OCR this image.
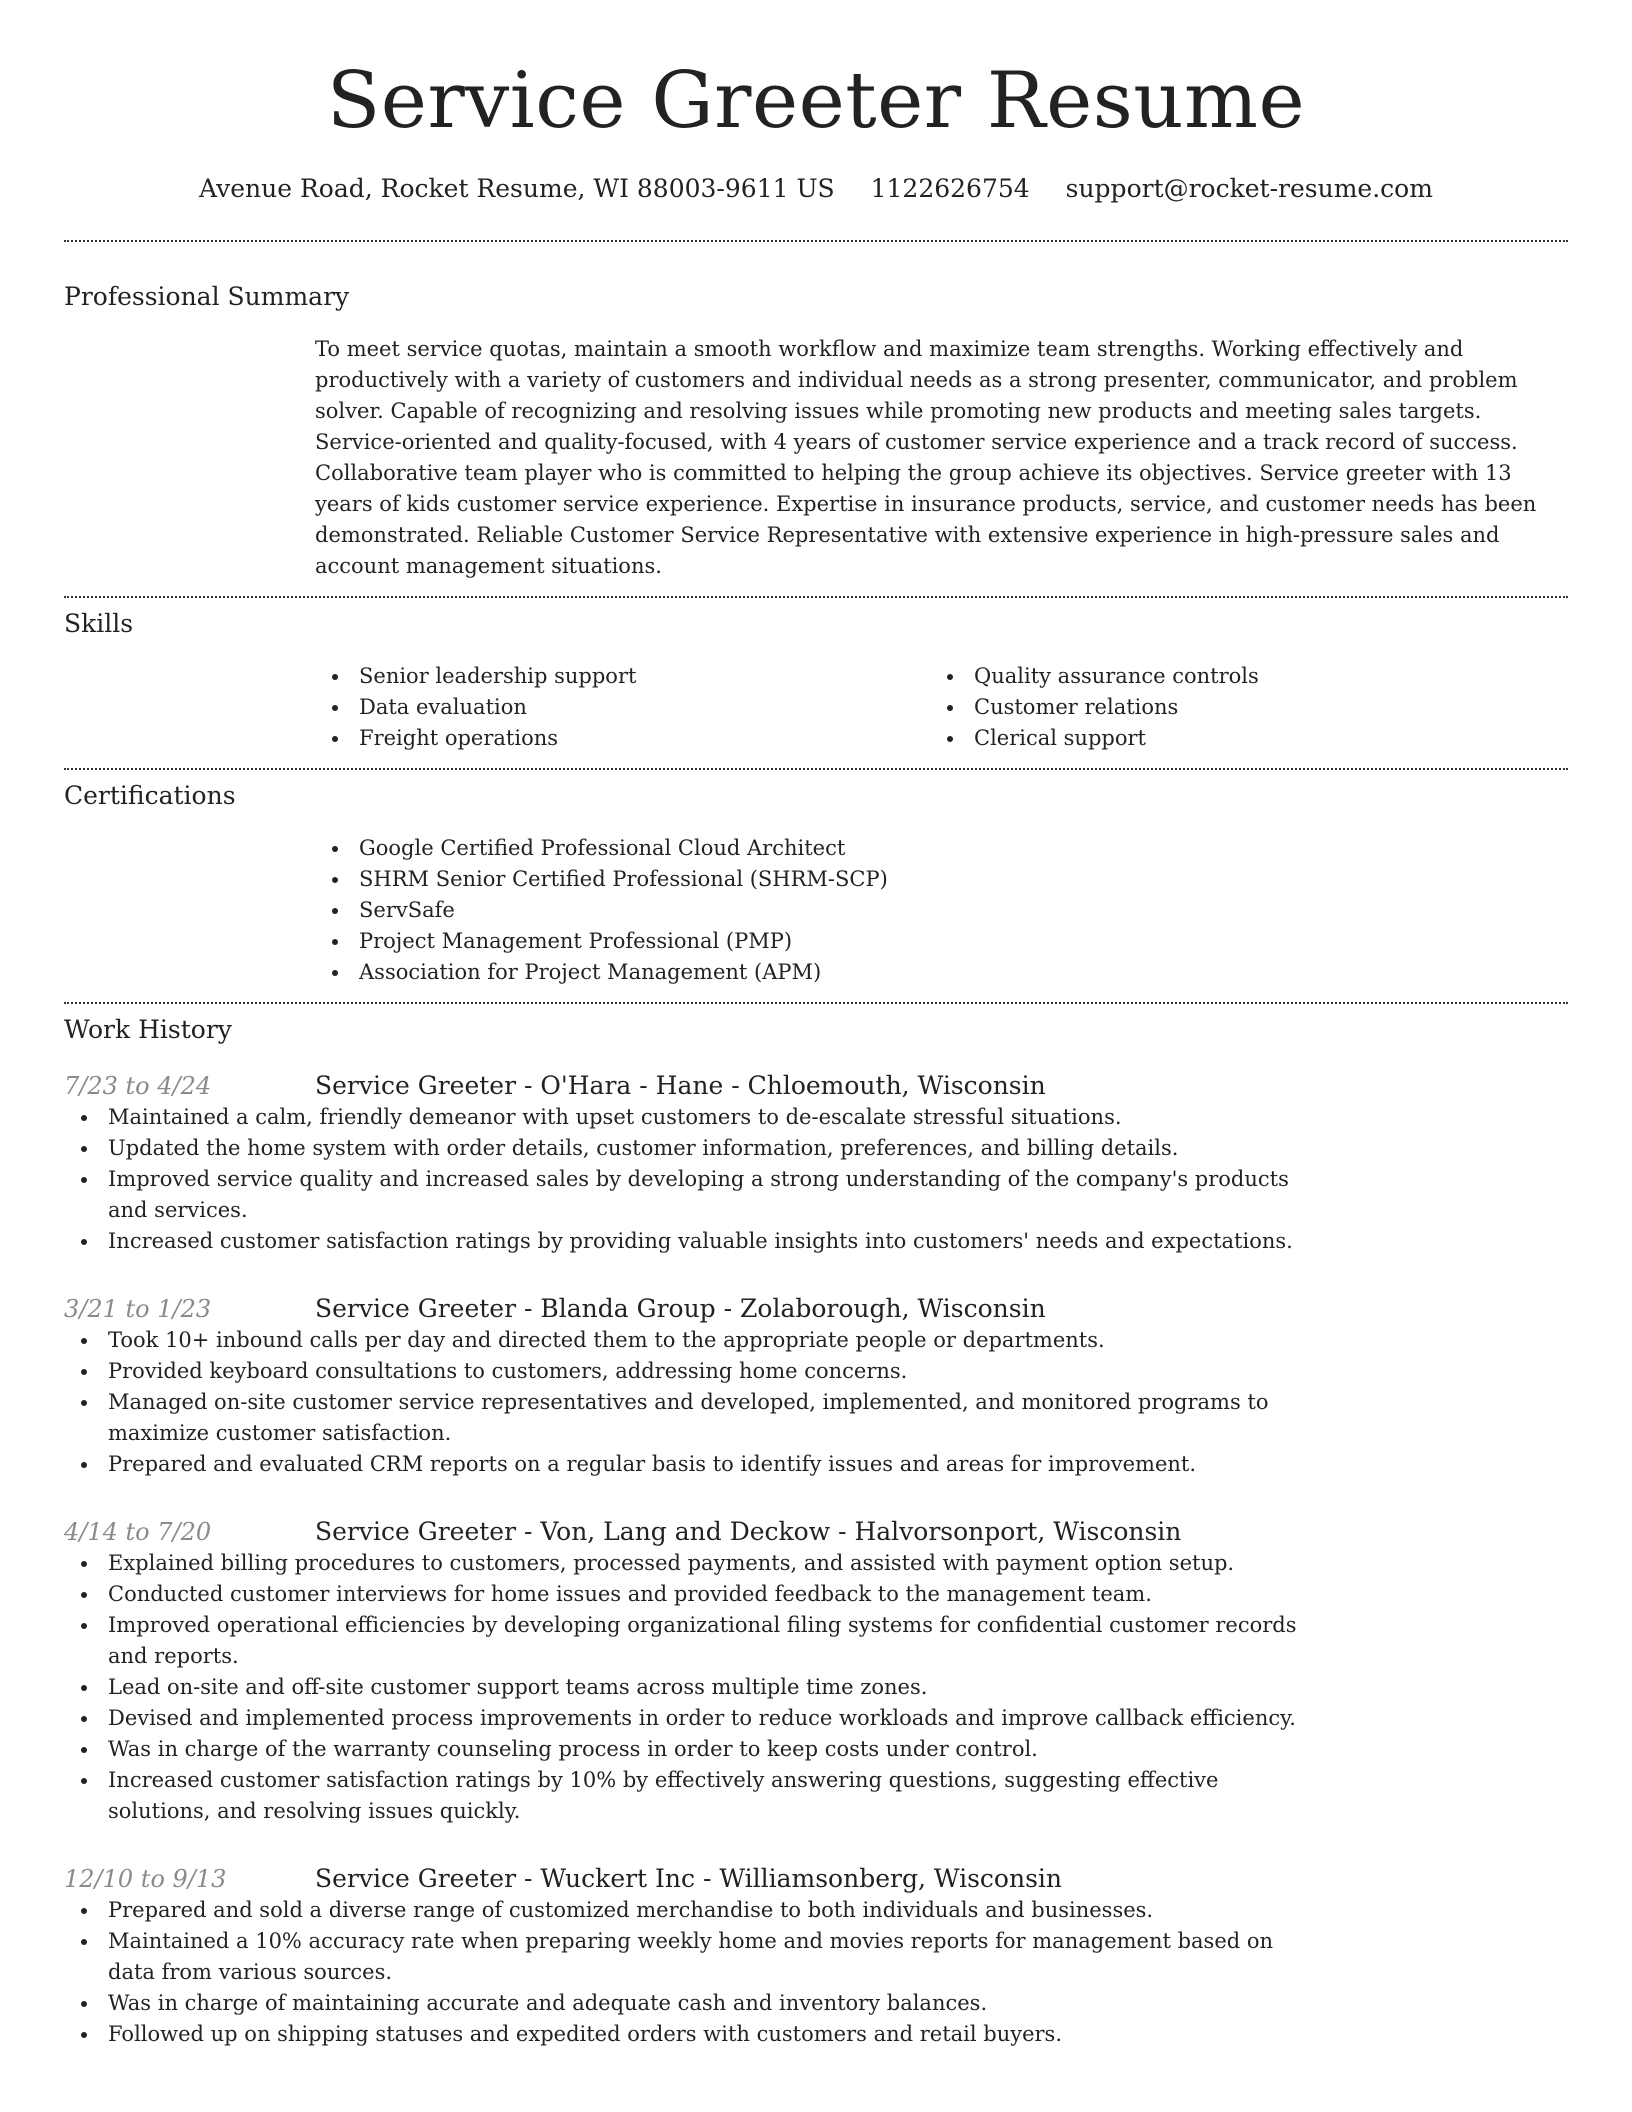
Service Greeter Resume
Avenue Road, Rocket Resume, WI 88003-9611 US 1122626754 support@rocket-resume.com
Professional Summary

To meet service quotas, maintain a smooth workflow and maximize team strengths. Working effectively and productively with a variety of customers and individual needs as a strong presenter, communicator, and problem solver. Capable of recognizing and resolving issues while promoting new products and meeting sales targets. Service-oriented and quality-focused, with 4 years of customer service experience and a track record of success. Collaborative team player who is committed to helping the group achieve its objectives. Service greeter with 13 years of kids customer service experience. Expertise in insurance products, service, and customer needs has been demonstrated. Reliable Customer Service Representative with extensive experience in high-pressure sales and account management situations.

Skills
Senior leadership support
Data evaluation
Freight operations
Quality assurance controls
Customer relations
Clerical support
Certifications
Google Certified Professional Cloud Architect
SHRM Senior Certified Professional (SHRM-SCP)
ServSafe
Project Management Professional (PMP)
Association for Project Management (APM)
Work History
7/23 to 4/24	Service Greeter - O'Hara - Hane - Chloemouth, Wisconsin
Maintained a calm, friendly demeanor with upset customers to de-escalate stressful situations.
Updated the home system with order details, customer information, preferences, and billing details.
Improved service quality and increased sales by developing a strong understanding of the company's products and services.
Increased customer satisfaction ratings by providing valuable insights into customers' needs and expectations.
3/21 to 1/23	Service Greeter - Blanda Group - Zolaborough, Wisconsin
Took 10+ inbound calls per day and directed them to the appropriate people or departments.
Provided keyboard consultations to customers, addressing home concerns.
Managed on-site customer service representatives and developed, implemented, and monitored programs to maximize customer satisfaction.
Prepared and evaluated CRM reports on a regular basis to identify issues and areas for improvement.
4/14 to 7/20	Service Greeter - Von, Lang and Deckow - Halvorsonport, Wisconsin
Explained billing procedures to customers, processed payments, and assisted with payment option setup.
Conducted customer interviews for home issues and provided feedback to the management team.
Improved operational efficiencies by developing organizational filing systems for confidential customer records and reports.
Lead on-site and off-site customer support teams across multiple time zones.
Devised and implemented process improvements in order to reduce workloads and improve callback efficiency.
Was in charge of the warranty counseling process in order to keep costs under control.
Increased customer satisfaction ratings by 10% by effectively answering questions, suggesting effective solutions, and resolving issues quickly.
12/10 to 9/13	Service Greeter - Wuckert Inc - Williamsonberg, Wisconsin
Prepared and sold a diverse range of customized merchandise to both individuals and businesses.
Maintained a 10% accuracy rate when preparing weekly home and movies reports for management based on data from various sources.
Was in charge of maintaining accurate and adequate cash and inventory balances.
Followed up on shipping statuses and expedited orders with customers and retail buyers.
